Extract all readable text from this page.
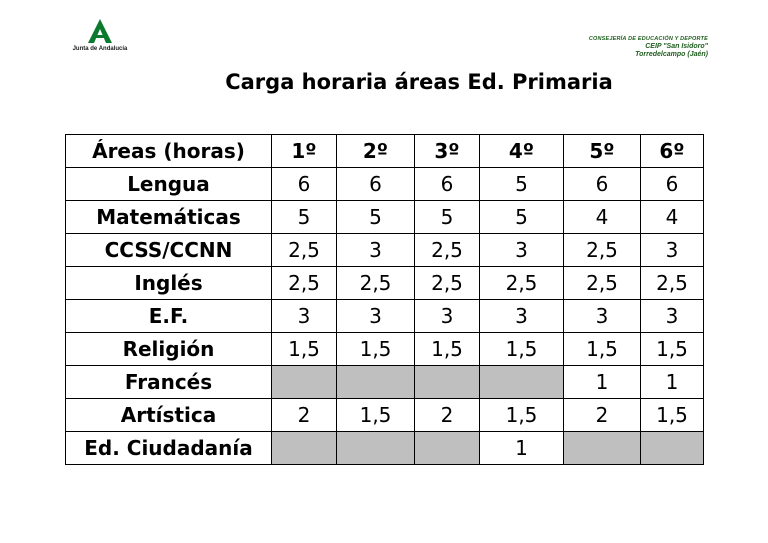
Junta de Andalucía
CONSEJERÍA DE EDUCACIÓN Y DEPORTE
CEIP "San Isidoro"
Torredelcampo (Jaén)
Carga horaria áreas Ed. Primaria
Áreas (horas)	1º	2º	3º	4º	5º	6º
Lengua	6	6	6	5	6	6
Matemáticas	5	5	5	5	4	4
CCSS/CCNN	2,5	3	2,5	3	2,5	3
Inglés	2,5	2,5	2,5	2,5	2,5	2,5
E.F.	3	3	3	3	3	3
Religión	1,5	1,5	1,5	1,5	1,5	1,5
Francés					1	1
Artística	2	1,5	2	1,5	2	1,5
Ed. Ciudadanía				1		
